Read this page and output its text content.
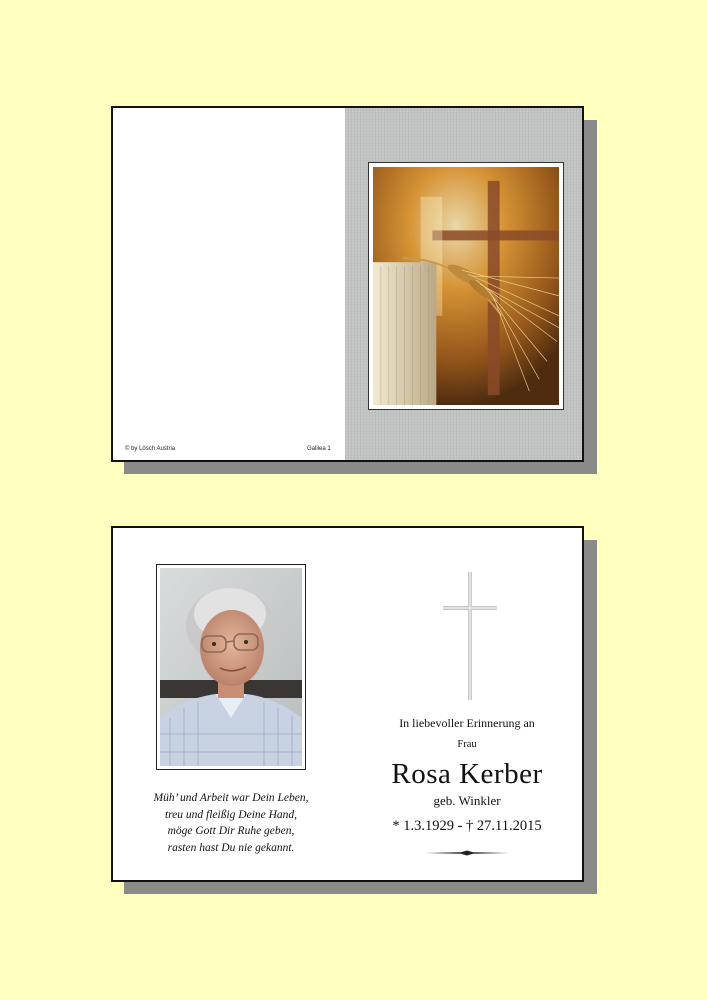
© by Lösch Austria	Galilea 1
Müh’ und Arbeit war Dein Leben,
treu und fleißig Deine Hand,
möge Gott Dir Ruhe geben,
rasten hast Du nie gekannt.
In liebevoller Erinnerung an
Frau
Rosa Kerber
geb. Winkler
* 1.3.1929 - † 27.11.2015
